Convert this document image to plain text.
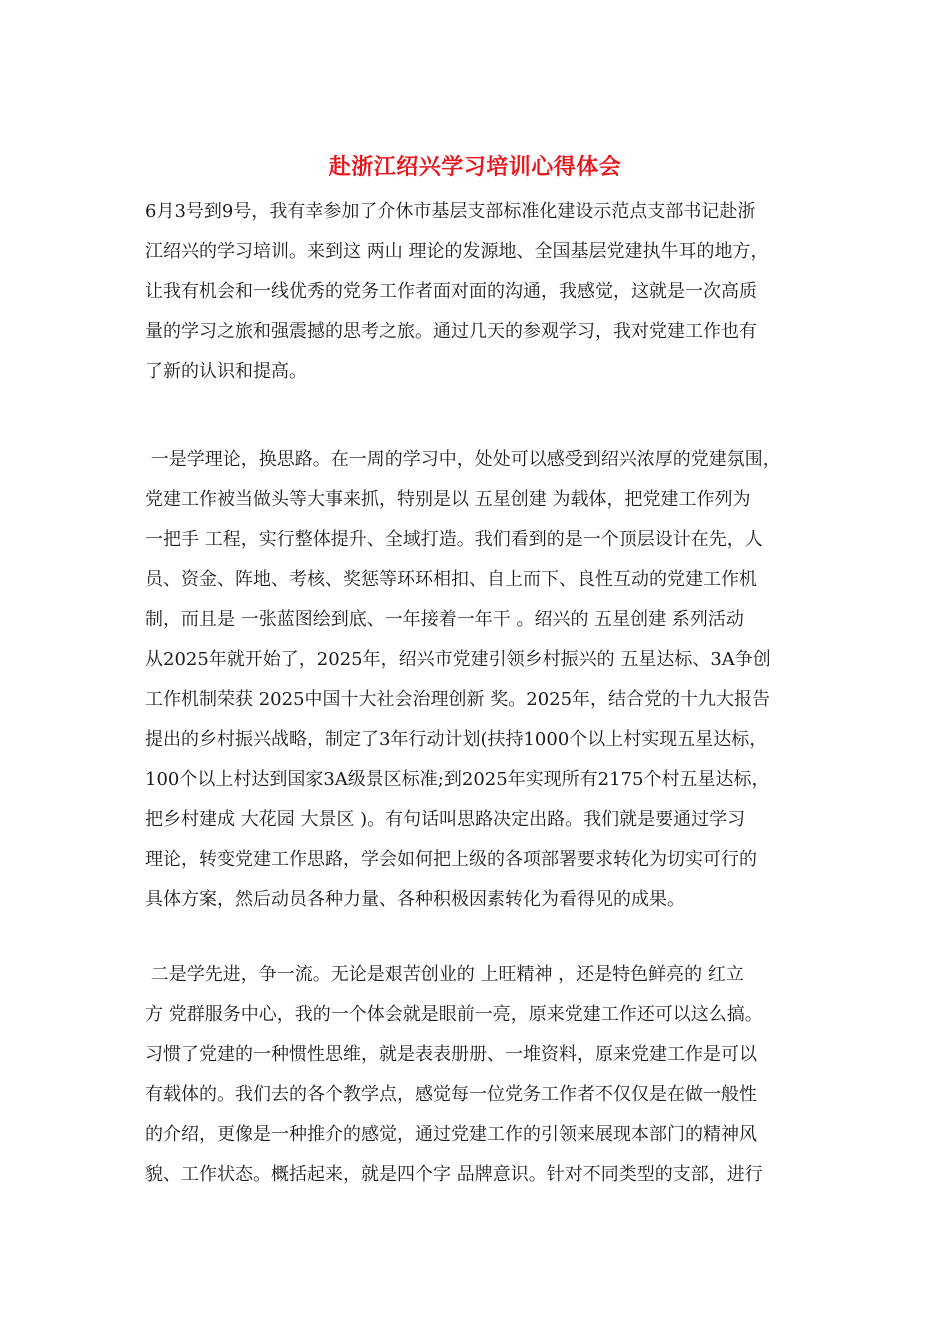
赴浙江绍兴学习培训心得体会
6月3号到9号，我有幸参加了介休市基层支部标准化建设示范点支部书记赴浙
江绍兴的学习培训。来到这 两山 理论的发源地、全国基层党建执牛耳的地方，
让我有机会和一线优秀的党务工作者面对面的沟通，我感觉，这就是一次高质
量的学习之旅和强震撼的思考之旅。通过几天的参观学习，我对党建工作也有
了新的认识和提高。
一是学理论，换思路。在一周的学习中，处处可以感受到绍兴浓厚的党建氛围，
党建工作被当做头等大事来抓，特别是以 五星创建 为载体，把党建工作列为
一把手 工程，实行整体提升、全域打造。我们看到的是一个顶层设计在先，人
员、资金、阵地、考核、奖惩等环环相扣、自上而下、良性互动的党建工作机
制，而且是 一张蓝图绘到底、一年接着一年干 。绍兴的 五星创建 系列活动
从2025年就开始了，2025年，绍兴市党建引领乡村振兴的 五星达标、3A争创
工作机制荣获 2025中国十大社会治理创新 奖。2025年，结合党的十九大报告
提出的乡村振兴战略，制定了3年行动计划(扶持1000个以上村实现五星达标，
100个以上村达到国家3A级景区标准;到2025年实现所有2175个村五星达标，
把乡村建成 大花园 大景区 )。有句话叫思路决定出路。我们就是要通过学习
理论，转变党建工作思路，学会如何把上级的各项部署要求转化为切实可行的
具体方案，然后动员各种力量、各种积极因素转化为看得见的成果。
二是学先进，争一流。无论是艰苦创业的 上旺精神 ，还是特色鲜亮的 红立
方 党群服务中心，我的一个体会就是眼前一亮，原来党建工作还可以这么搞。
习惯了党建的一种惯性思维，就是表表册册、一堆资料，原来党建工作是可以
有载体的。我们去的各个教学点，感觉每一位党务工作者不仅仅是在做一般性
的介绍，更像是一种推介的感觉，通过党建工作的引领来展现本部门的精神风
貌、工作状态。概括起来，就是四个字 品牌意识。针对不同类型的支部，进行
